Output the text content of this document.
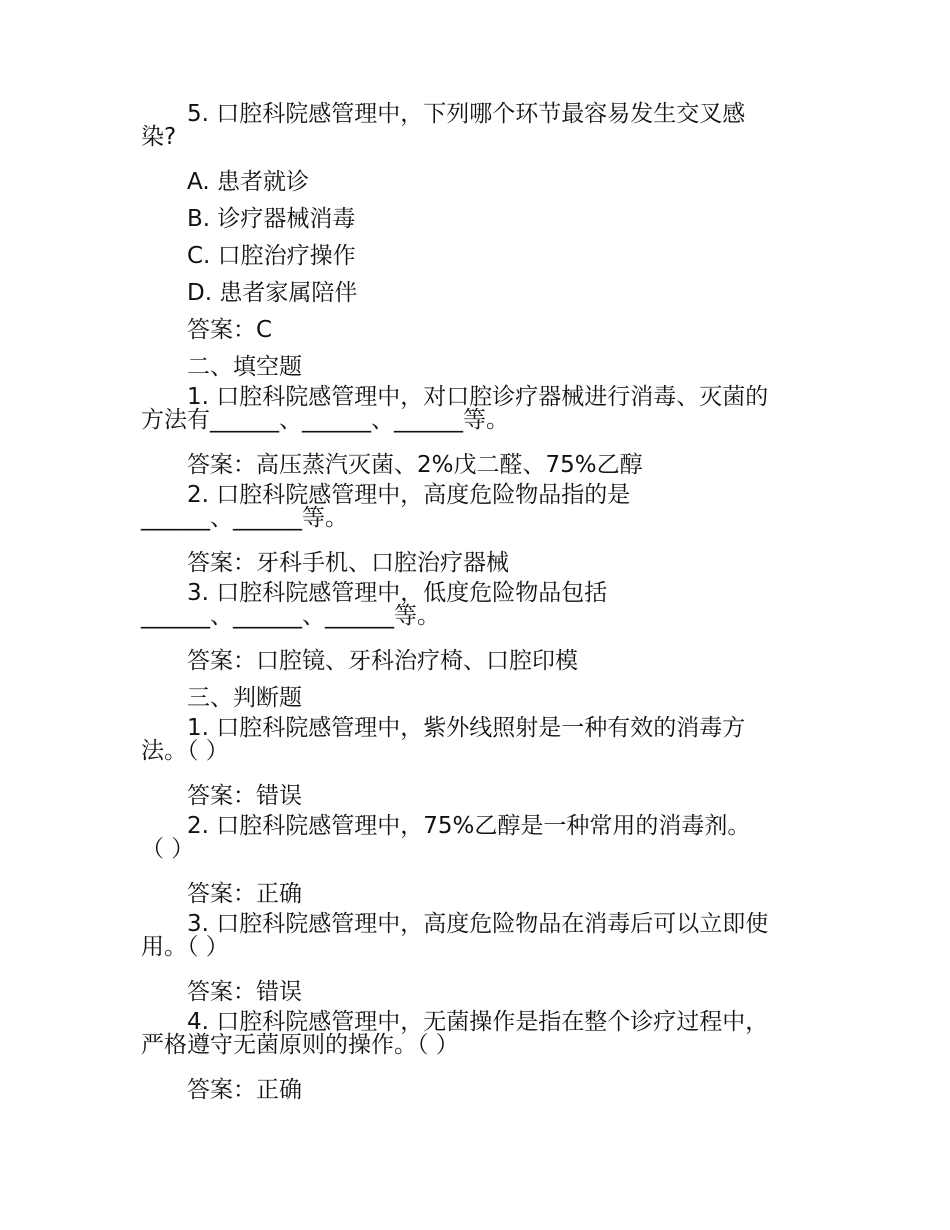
5. 口腔科院感管理中，下列哪个环节最容易发生交叉感
染?
A. 患者就诊
B. 诊疗器械消毒
C. 口腔治疗操作
D. 患者家属陪伴
答案：C
二、填空题
1. 口腔科院感管理中，对口腔诊疗器械进行消毒、灭菌的
方法有______、______、______等。
答案：高压蒸汽灭菌、2%戊二醛、75%乙醇
2. 口腔科院感管理中，高度危险物品指的是
______、______等。
答案：牙科手机、口腔治疗器械
3. 口腔科院感管理中，低度危险物品包括
______、______、______等。
答案：口腔镜、牙科治疗椅、口腔印模
三、判断题
1. 口腔科院感管理中，紫外线照射是一种有效的消毒方
法。（ ）
答案：错误
2. 口腔科院感管理中，75%乙醇是一种常用的消毒剂。
（ ）
答案：正确
3. 口腔科院感管理中，高度危险物品在消毒后可以立即使
用。（ ）
答案：错误
4. 口腔科院感管理中，无菌操作是指在整个诊疗过程中，
严格遵守无菌原则的操作。（ ）
答案：正确
